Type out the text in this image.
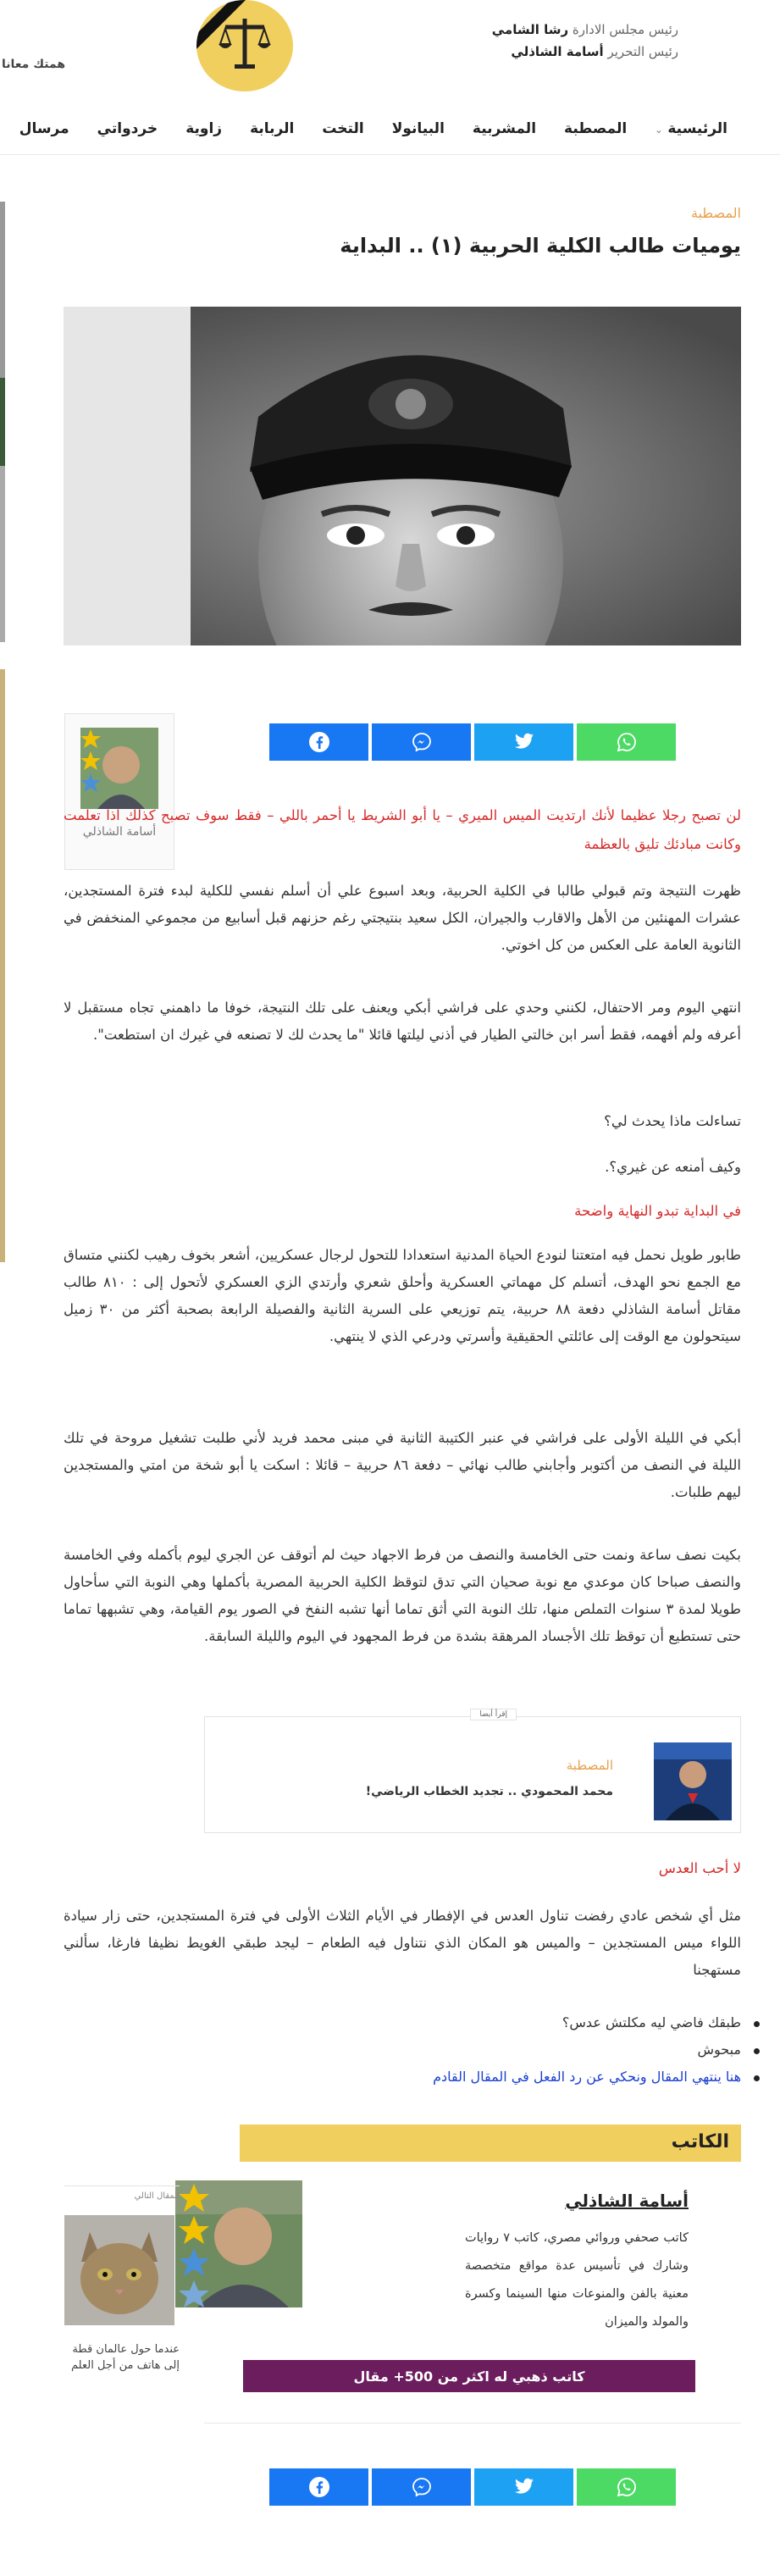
رئيس مجلس الادارة رشا الشامي
رئيس التحرير أسامة الشاذلي
همتك معانا
الرئيسية ⌄
المصطبة
المشربية
البيانولا
التخت
الربابة
زاوية
خردواتي
مرسال
المصطبة
يوميات طالب الكلية الحربية (١) .. البداية
أسامة الشاذلي
لن تصبح رجلا عظيما لأنك ارتديت الميس الميري – يا أبو الشريط يا أحمر باللي – فقط سوف تصبح كذلك اذا تعلمت وكانت مبادئك تليق بالعظمة

ظهرت النتيجة وتم قبولي طالبا في الكلية الحربية، وبعد اسبوع علي أن أسلم نفسي للكلية لبدء فترة المستجدين، عشرات المهنئين من الأهل والاقارب والجيران، الكل سعيد بنتيجتي رغم حزنهم قبل أسابيع من مجموعي المنخفض في الثانوية العامة على العكس من كل اخوتي.

انتهي اليوم ومر الاحتفال، لكنني وحدي على فراشي أبكي ويعنف على تلك النتيجة، خوفا ما داهمني تجاه مستقبل لا أعرفه ولم أفهمه، فقط أسر ابن خالتي الطيار في أذني ليلتها قائلا "ما يحدث لك لا تصنعه في غيرك ان استطعت".

تساءلت ماذا يحدث لي؟

وكيف أمنعه عن غيري؟.

في البداية تبدو النهاية واضحة

طابور طويل نحمل فيه امتعتنا لنودع الحياة المدنية استعدادا للتحول لرجال عسكريين، أشعر بخوف رهيب لكنني متساق مع الجمع نحو الهدف، أتسلم كل مهماتي العسكرية وأحلق شعري وأرتدي الزي العسكري لأتحول إلى : ٨١٠ طالب مقاتل أسامة الشاذلي دفعة ٨٨ حربية، يتم توزيعي على السرية الثانية والفصيلة الرابعة بصحبة أكثر من ٣٠ زميل سيتحولون مع الوقت إلى عائلتي الحقيقية وأسرتي ودرعي الذي لا ينتهي.

أبكي في الليلة الأولى على فراشي في عنبر الكتيبة الثانية في مبنى محمد فريد لأني طلبت تشغيل مروحة في تلك الليلة في النصف من أكتوبر وأجابني طالب نهائي – دفعة ٨٦ حربية – قائلا : اسكت يا أبو شخة من امتي والمستجدين ليهم طلبات.

بكيت نصف ساعة ونمت حتى الخامسة والنصف من فرط الاجهاد حيث لم أتوقف عن الجري ليوم بأكمله وفي الخامسة والنصف صباحا كان موعدي مع نوبة صحيان التي تدق لتوقظ الكلية الحربية المصرية بأكملها وهي النوبة التي سأحاول طويلا لمدة ٣ سنوات التملص منها، تلك النوبة التي أثق تماما أنها تشبه النفخ في الصور يوم القيامة، وهي تشبهها تماما حتى تستطيع أن توقظ تلك الأجساد المرهقة بشدة من فرط المجهود في اليوم والليلة السابقة.

إقرأ أيضا
المصطبة
محمد المحمودي .. تجديد الخطاب الرياضي!
لا أحب العدس

مثل أي شخص عادي رفضت تناول العدس في الإفطار في الأيام الثلاث الأولى في فترة المستجدين، حتى زار سيادة اللواء ميس المستجدين – والميس هو المكان الذي نتناول فيه الطعام – ليجد طبقي الغويط نظيفا فارغا، سألني مستهجنا

طبقك فاضي ليه مكلتش عدس؟
مبحوش
هنا ينتهي المقال ونحكي عن رد الفعل في المقال القادم
الكاتب
أسامة الشاذلي
كاتب صحفي وروائي مصري، كاتب ٧ روايات وشارك في تأسيس عدة مواقع متخصصة معنية بالفن والمنوعات منها السينما وكسرة والمولد والميزان
كاتب ذهبي له اكثر من 500+ مقال
المقال التالي
عندما حول عالمان قطة إلى هاتف من أجل العلم
